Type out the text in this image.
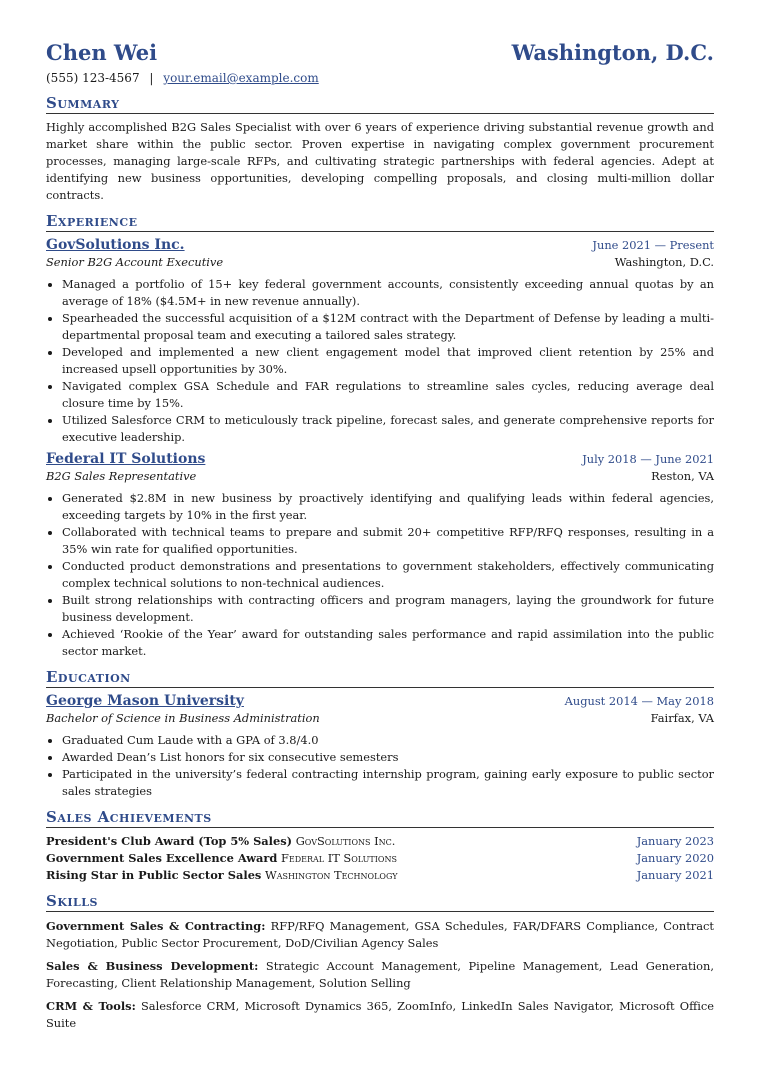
Chen Wei	Washington, D.C.
(555) 123-4567 | your.email@example.com
Summary
Highly accomplished B2G Sales Specialist with over 6 years of experience driving substantial revenue growth and market share within the public sector. Proven expertise in navigating complex government procurement processes, managing large-scale RFPs, and cultivating strategic partnerships with federal agencies. Adept at identifying new business opportunities, developing compelling proposals, and closing multi-million dollar contracts.
Experience
GovSolutions Inc.	June 2021 — Present
Senior B2G Account Executive	Washington, D.C.
• Managed a portfolio of 15+ key federal government accounts, consistently exceeding annual quotas by an average of 18% ($4.5M+ in new revenue annually).
• Spearheaded the successful acquisition of a $12M contract with the Department of Defense by leading a multi-departmental proposal team and executing a tailored sales strategy.
• Developed and implemented a new client engagement model that improved client retention by 25% and increased upsell opportunities by 30%.
• Navigated complex GSA Schedule and FAR regulations to streamline sales cycles, reducing average deal closure time by 15%.
• Utilized Salesforce CRM to meticulously track pipeline, forecast sales, and generate comprehensive reports for executive leadership.
Federal IT Solutions	July 2018 — June 2021
B2G Sales Representative	Reston, VA
• Generated $2.8M in new business by proactively identifying and qualifying leads within federal agencies, exceeding targets by 10% in the first year.
• Collaborated with technical teams to prepare and submit 20+ competitive RFP/RFQ responses, resulting in a 35% win rate for qualified opportunities.
• Conducted product demonstrations and presentations to government stakeholders, effectively communicating complex technical solutions to non-technical audiences.
• Built strong relationships with contracting officers and program managers, laying the groundwork for future business development.
• Achieved ‘Rookie of the Year’ award for outstanding sales performance and rapid assimilation into the public sector market.
Education
George Mason University	August 2014 — May 2018
Bachelor of Science in Business Administration	Fairfax, VA
• Graduated Cum Laude with a GPA of 3.8/4.0
• Awarded Dean’s List honors for six consecutive semesters
• Participated in the university’s federal contracting internship program, gaining early exposure to public sector sales strategies
Sales Achievements
President's Club Award (Top 5% Sales) GovSolutions Inc.	January 2023
Government Sales Excellence Award Federal IT Solutions	January 2020
Rising Star in Public Sector Sales Washington Technology	January 2021
Skills
Government Sales & Contracting: RFP/RFQ Management, GSA Schedules, FAR/DFARS Compliance, Contract Negotiation, Public Sector Procurement, DoD/Civilian Agency Sales
Sales & Business Development: Strategic Account Management, Pipeline Management, Lead Generation, Forecasting, Client Relationship Management, Solution Selling
CRM & Tools: Salesforce CRM, Microsoft Dynamics 365, ZoomInfo, LinkedIn Sales Navigator, Microsoft Office Suite
